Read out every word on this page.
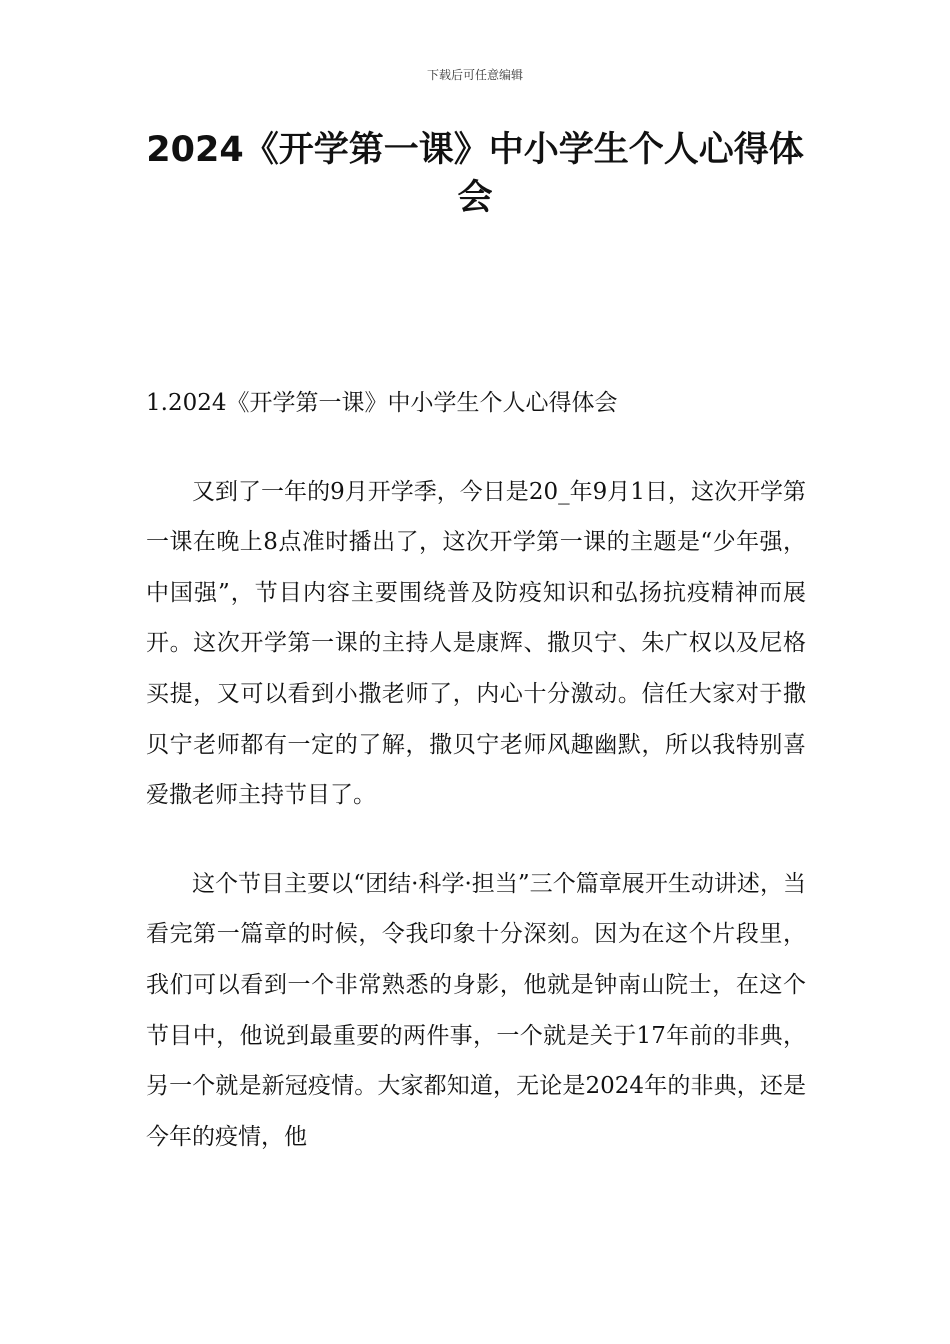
下载后可任意编辑
2024《开学第一课》中小学生个人心得体会

1.2024《开学第一课》中小学生个人心得体会

又到了一年的9月开学季，今日是20_年9月1日，这次开学第一课在晚上8点准时播出了，这次开学第一课的主题是“少年强，中国强”，节目内容主要围绕普及防疫知识和弘扬抗疫精神而展开。这次开学第一课的主持人是康辉、撒贝宁、朱广权以及尼格买提，又可以看到小撒老师了，内心十分激动。信任大家对于撒贝宁老师都有一定的了解，撒贝宁老师风趣幽默，所以我特别喜爱撒老师主持节目了。

这个节目主要以“团结·科学·担当”三个篇章展开生动讲述，当看完第一篇章的时候，令我印象十分深刻。因为在这个片段里，我们可以看到一个非常熟悉的身影，他就是钟南山院士，在这个节目中，他说到最重要的两件事，一个就是关于17年前的非典，另一个就是新冠疫情。大家都知道，无论是2024年的非典，还是今年的疫情，他
